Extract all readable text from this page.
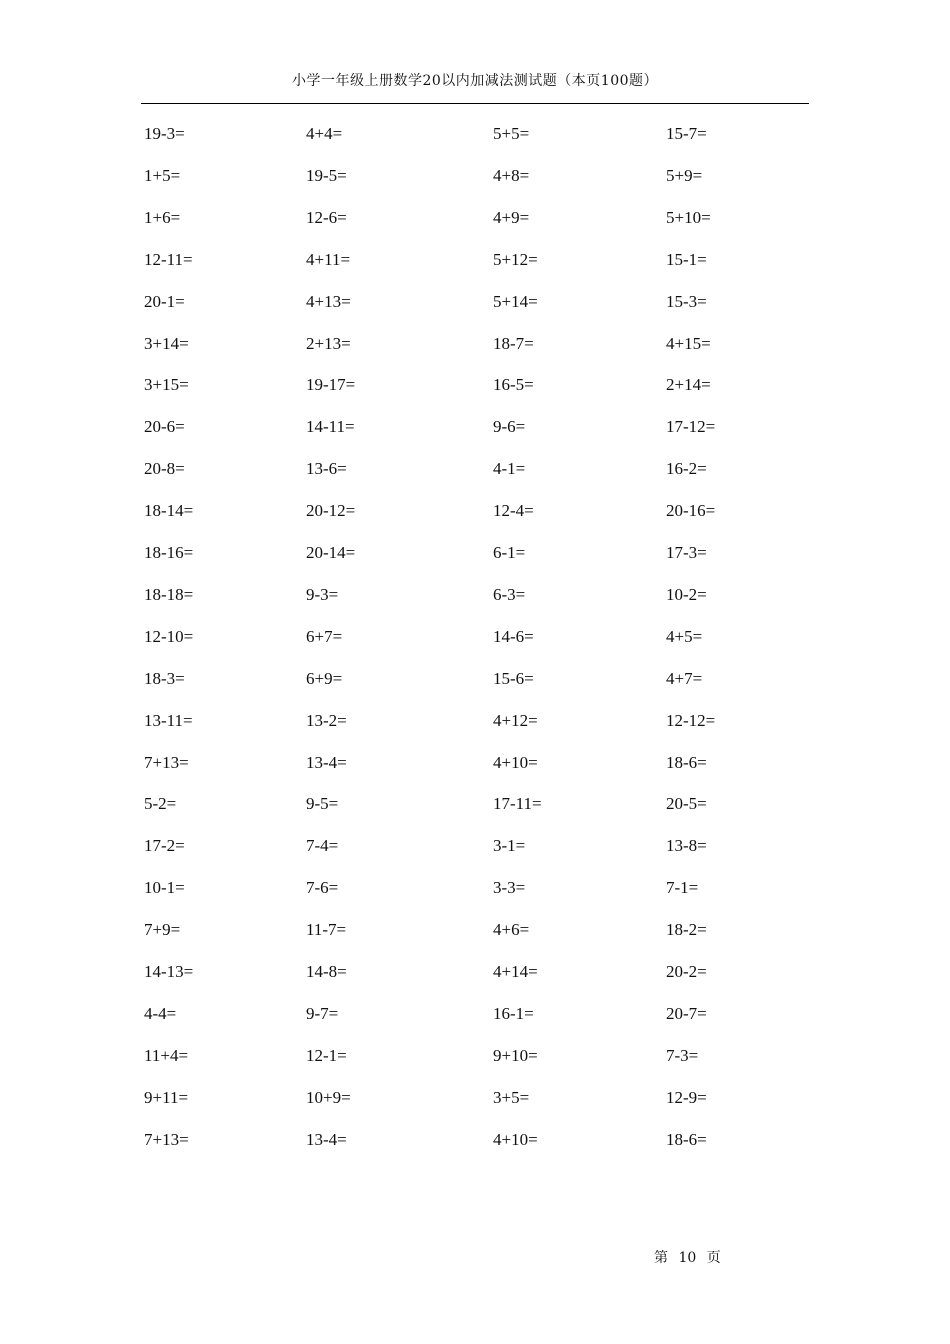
小学一年级上册数学20以内加减法测试题（本页100题）
19-3=	4+4=	5+5=	15-7=
1+5=	19-5=	4+8=	5+9=
1+6=	12-6=	4+9=	5+10=
12-11=	4+11=	5+12=	15-1=
20-1=	4+13=	5+14=	15-3=
3+14=	2+13=	18-7=	4+15=
3+15=	19-17=	16-5=	2+14=
20-6=	14-11=	9-6=	17-12=
20-8=	13-6=	4-1=	16-2=
18-14=	20-12=	12-4=	20-16=
18-16=	20-14=	6-1=	17-3=
18-18=	9-3=	6-3=	10-2=
12-10=	6+7=	14-6=	4+5=
18-3=	6+9=	15-6=	4+7=
13-11=	13-2=	4+12=	12-12=
7+13=	13-4=	4+10=	18-6=
5-2=	9-5=	17-11=	20-5=
17-2=	7-4=	3-1=	13-8=
10-1=	7-6=	3-3=	7-1=
7+9=	11-7=	4+6=	18-2=
14-13=	14-8=	4+14=	20-2=
4-4=	9-7=	16-1=	20-7=
11+4=	12-1=	9+10=	7-3=
9+11=	10+9=	3+5=	12-9=
7+13=	13-4=	4+10=	18-6=
第 10 页
